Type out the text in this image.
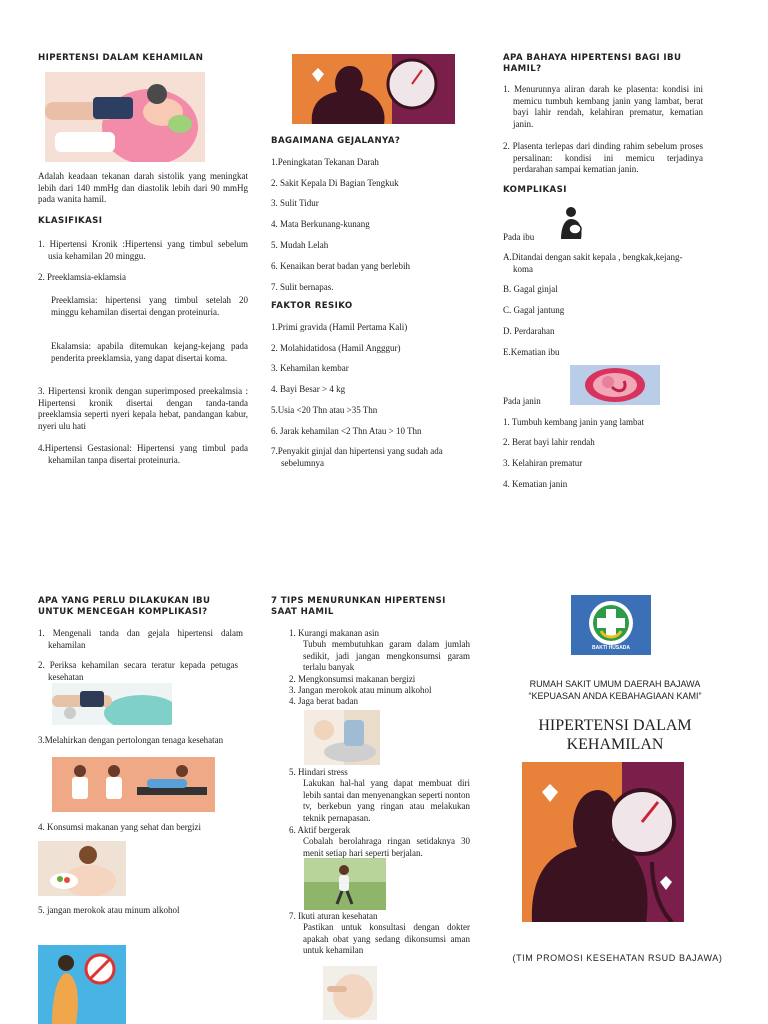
HIPERTENSI DALAM KEHAMILAN
Adalah keadaan tekanan darah sistolik yang meningkat lebih dari 140 mmHg dan diastolik lebih dari 90 mmHg pada wanita hamil.
KLASIFIKASI
1. Hipertensi Kronik :Hipertensi yang timbul sebelum usia kehamilan 20 minggu.
2. Preeklamsia-eklamsia
Preeklamsia: hipertensi yang timbul setelah 20 minggu kehamilan disertai dengan proteinuria.
Ekalamsia: apabila ditemukan kejang-kejang pada penderita preeklamsia, yang dapat disertai koma.
3. Hipertensi kronik dengan superimposed preekalmsia : Hipertensi kronik disertai dengan tanda-tanda preeklamsia seperti nyeri kepala hebat, pandangan kabur, nyeri ulu hati
4.Hipertensi Gestasional: Hipertensi yang timbul pada kehamilan tanpa disertai proteinuria.
BAGAIMANA GEJALANYA?
1.Peningkatan Tekanan Darah
2. Sakit Kepala Di Bagian Tengkuk
3. Sulit Tidur
4. Mata Berkunang-kunang
5. Mudah Lelah
6. Kenaikan berat badan yang berlebih
7. Sulit bernapas.
FAKTOR RESIKO
1.Primi gravida (Hamil Pertama Kali)
2. Molahidatidosa (Hamil Angggur)
3. Kehamilan kembar
4. Bayi Besar > 4 kg
5.Usia <20 Thn atau >35 Thn
6. Jarak kehamilan <2 Thn Atau > 10 Thn
7.Penyakit ginjal dan hipertensi yang sudah ada sebelumnya
APA BAHAYA HIPERTENSI BAGI IBU HAMIL?
1. Menurunnya aliran darah ke plasenta: kondisi ini memicu tumbuh kembang janin yang lambat, berat bayi lahir rendah, kelahiran prematur, kematian janin.
2. Plasenta terlepas dari dinding rahim sebelum proses persalinan: kondisi ini memicu terjadinya perdarahan sampai kematian janin.
KOMPLIKASI
Pada ibu
A.Ditandai dengan sakit kepala , bengkak,kejang-koma
B. Gagal ginjal
C. Gagal jantung
D. Perdarahan
E.Kematian ibu
Pada janin
1. Tumbuh kembang janin yang lambat
2. Berat bayi lahir rendah
3. Kelahiran prematur
4. Kematian janin
APA YANG PERLU DILAKUKAN IBU UNTUK MENCEGAH KOMPLIKASI?
1. Mengenali tanda dan gejala hipertensi dalam kehamilan
2. Periksa kehamilan secara teratur kepada petugas kesehatan
3.Melahirkan dengan pertolongan tenaga kesehatan
4. Konsumsi makanan yang sehat dan bergizi
5. jangan merokok atau minum alkohol
7 TIPS MENURUNKAN HIPERTENSI SAAT HAMIL
1. Kurangi makanan asin
Tubuh membutuhkan garam dalam jumlah sedikit, jadi jangan mengkonsumsi garam terlalu banyak
2. Mengkonsumsi makanan bergizi
3. Jangan merokok atau minum alkohol
4. Jaga berat badan
5. Hindari stress
Lakukan hal-hal yang dapat membuat diri lebih santai dan menyenangkan seperti nonton tv, berkebun yang ringan atau melakukan teknik pernapasan.
6. Aktif bergerak
Cobalah berolahraga ringan setidaknya 30 menit setiap hari seperti berjalan.
7. Ikuti aturan kesehatan
Pastikan untuk konsultasi dengan dokter apakah obat yang sedang dikonsumsi aman untuk kehamilan
BAKTI HUSADA
RUMAH SAKIT UMUM DAERAH BAJAWA
“KEPUASAN ANDA KEBAHAGIAAN KAMI”
HIPERTENSI DALAM KEHAMILAN
(TIM PROMOSI KESEHATAN RSUD BAJAWA)
